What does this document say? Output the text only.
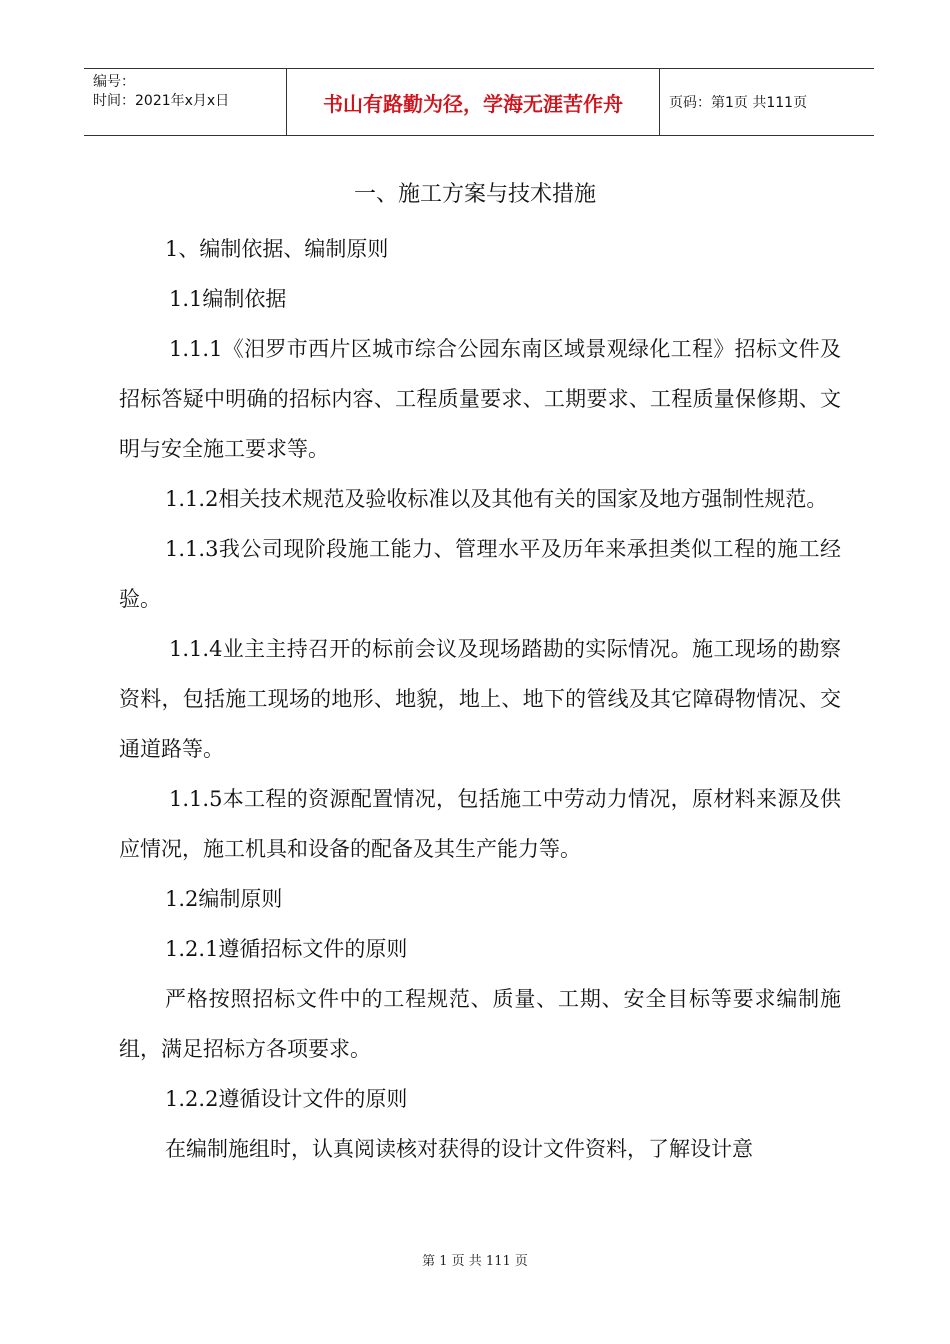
编号：
时间：2021年x月x日	书山有路勤为径，学海无涯苦作舟	页码：第1页 共111页
一、施工方案与技术措施

1、编制依据、编制原则

1.1编制依据

1.1.1《汨罗市西片区城市综合公园东南区域景观绿化工程》招标文件及招标答疑中明确的招标内容、工程质量要求、工期要求、工程质量保修期、文明与安全施工要求等。

1.1.2相关技术规范及验收标准以及其他有关的国家及地方强制性规范。

1.1.3我公司现阶段施工能力、管理水平及历年来承担类似工程的施工经验。

1.1.4业主主持召开的标前会议及现场踏勘的实际情况。施工现场的勘察资料，包括施工现场的地形、地貌，地上、地下的管线及其它障碍物情况、交通道路等。

1.1.5本工程的资源配置情况，包括施工中劳动力情况，原材料来源及供应情况，施工机具和设备的配备及其生产能力等。

1.2编制原则

1.2.1遵循招标文件的原则

严格按照招标文件中的工程规范、质量、工期、安全目标等要求编制施组，满足招标方各项要求。

1.2.2遵循设计文件的原则

在编制施组时，认真阅读核对获得的设计文件资料，了解设计意

第 1 页 共 111 页
